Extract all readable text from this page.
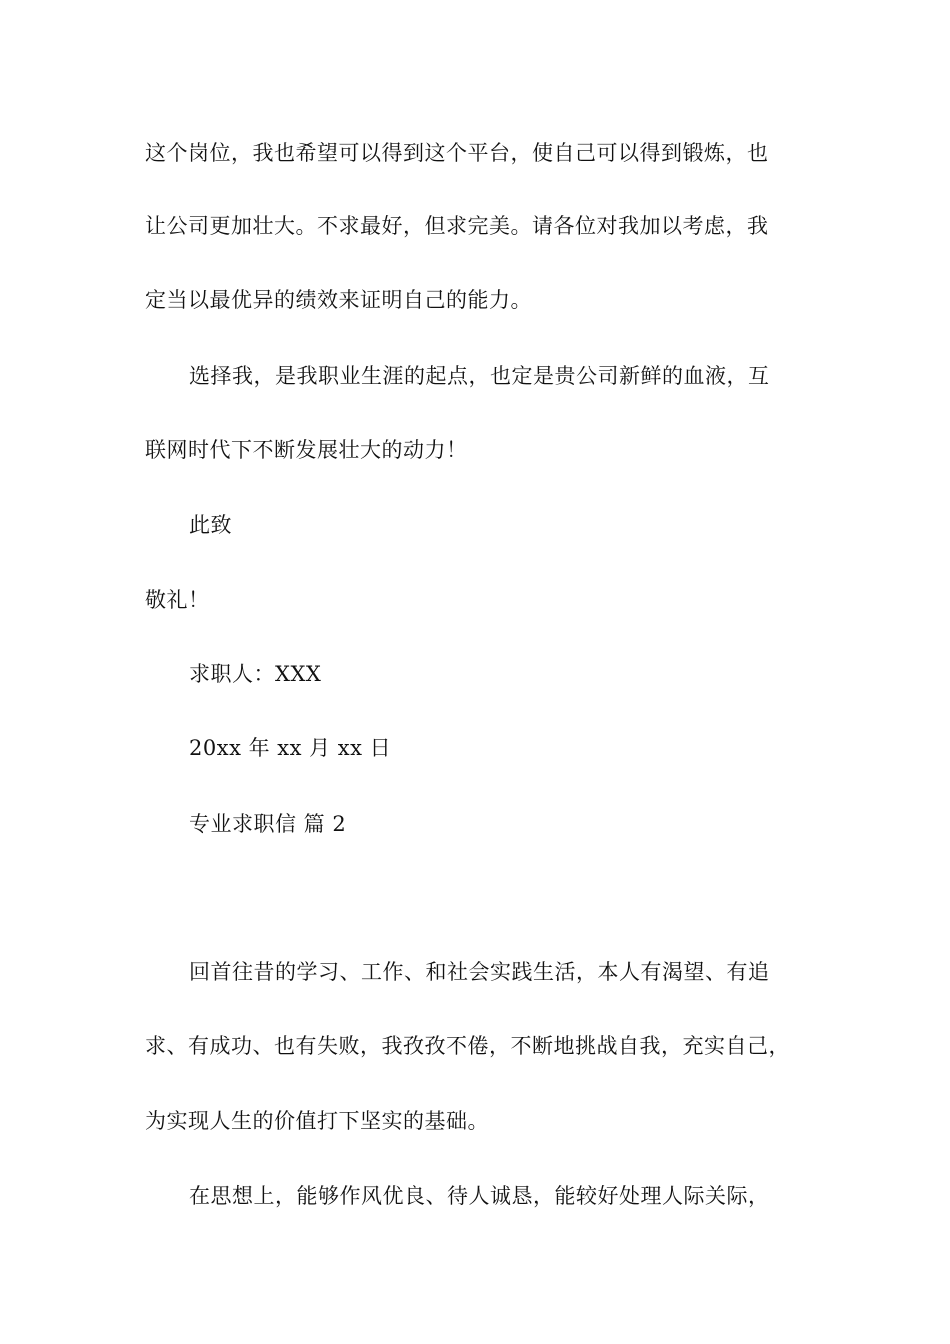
这个岗位，我也希望可以得到这个平台，使自己可以得到锻炼，也
让公司更加壮大。不求最好，但求完美。请各位对我加以考虑，我
定当以最优异的绩效来证明自己的能力。
选择我，是我职业生涯的起点，也定是贵公司新鲜的血液，互
联网时代下不断发展壮大的动力！
此致
敬礼！
求职人：XXX
20xx 年 xx 月 xx 日
专业求职信 篇 2
回首往昔的学习、工作、和社会实践生活，本人有渴望、有追
求、有成功、也有失败，我孜孜不倦，不断地挑战自我，充实自己，
为实现人生的价值打下坚实的基础。
在思想上，能够作风优良、待人诚恳，能较好处理人际关际，
